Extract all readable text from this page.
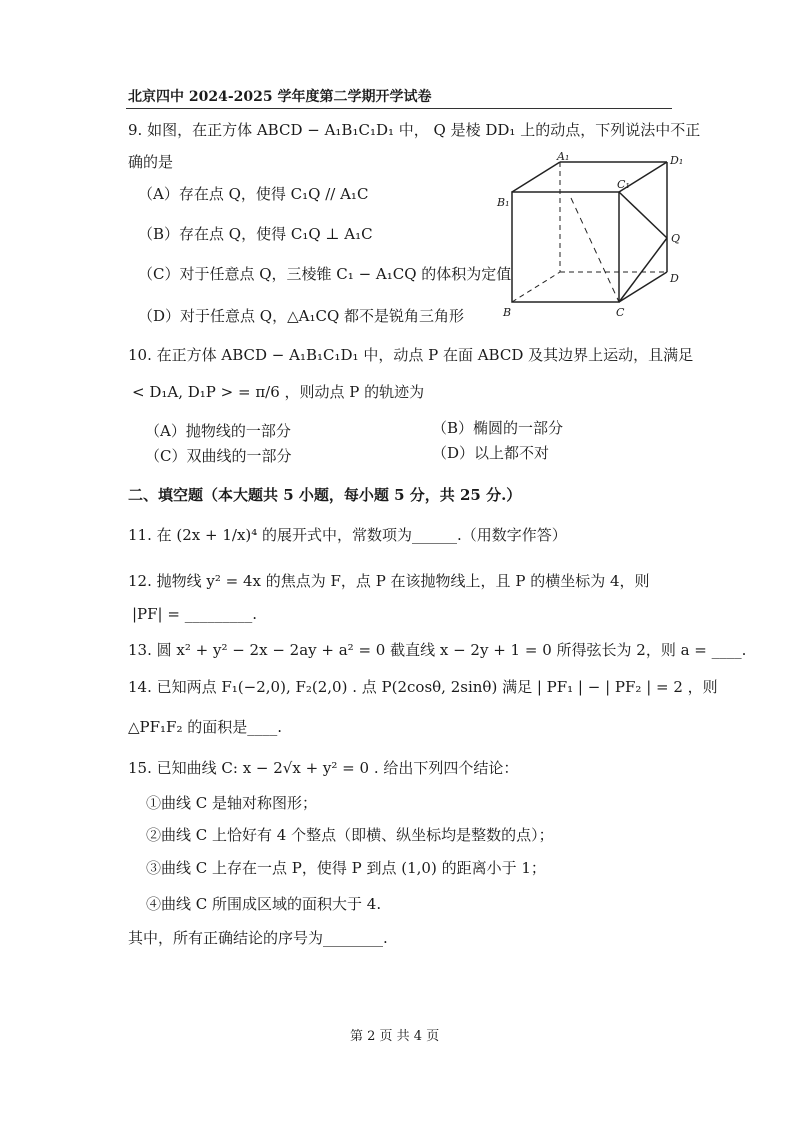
北京四中 2024-2025 学年度第二学期开学试卷
9. 如图，在正方体 ABCD − A₁B₁C₁D₁ 中， Q 是棱 DD₁ 上的动点，下列说法中不正
确的是
（A）存在点 Q，使得 C₁Q // A₁C
（B）存在点 Q，使得 C₁Q ⊥ A₁C
（C）对于任意点 Q，三棱锥 C₁ − A₁CQ 的体积为定值
（D）对于任意点 Q，△A₁CQ 都不是锐角三角形
A₁	D₁
C₁
B₁
Q
D
B	C
10. 在正方体 ABCD − A₁B₁C₁D₁ 中，动点 P 在面 ABCD 及其边界上运动，且满足
< D₁A, D₁P > = π/6 ，则动点 P 的轨迹为
（A）抛物线的一部分	（B）椭圆的一部分
（C）双曲线的一部分	（D）以上都不对
二、填空题（本大题共 5 小题，每小题 5 分，共 25 分.）
11. 在 (2x + 1/x)⁴ 的展开式中，常数项为______.（用数字作答）
12. 抛物线 y² = 4x 的焦点为 F，点 P 在该抛物线上，且 P 的横坐标为 4，则
|PF| = _________.
13. 圆 x² + y² − 2x − 2ay + a² = 0 截直线 x − 2y + 1 = 0 所得弦长为 2，则 a = ____.
14. 已知两点 F₁(−2,0), F₂(2,0) . 点 P(2cosθ, 2sinθ) 满足 | PF₁ | − | PF₂ | = 2 ，则
△PF₁F₂ 的面积是____.
15. 已知曲线 C: x − 2√x + y² = 0 . 给出下列四个结论：
①曲线 C 是轴对称图形；
②曲线 C 上恰好有 4 个整点（即横、纵坐标均是整数的点）；
③曲线 C 上存在一点 P，使得 P 到点 (1,0) 的距离小于 1；
④曲线 C 所围成区域的面积大于 4.
其中，所有正确结论的序号为________.
第 2 页 共 4 页
